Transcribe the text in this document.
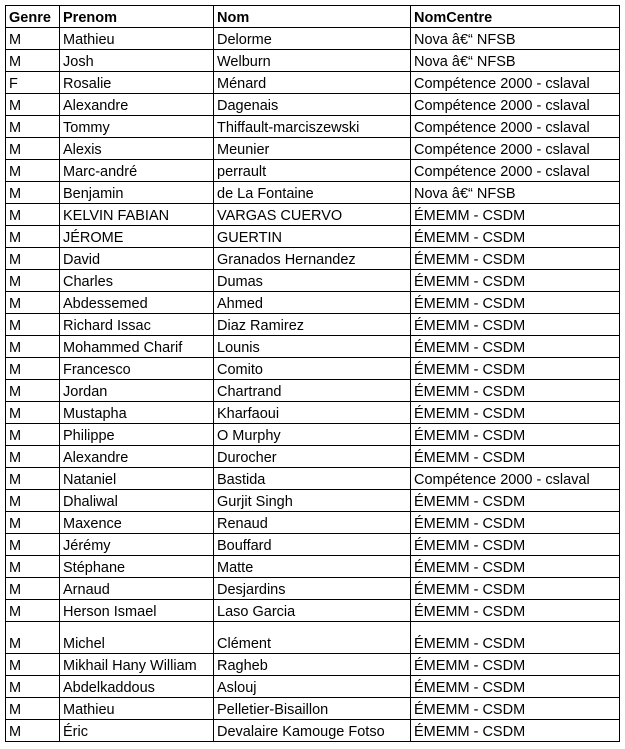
Genre	Prenom	Nom	NomCentre
M	Mathieu	Delorme	Nova â€“ NFSB
M	Josh	Welburn	Nova â€“ NFSB
F	Rosalie	Ménard	Compétence 2000 - cslaval
M	Alexandre	Dagenais	Compétence 2000 - cslaval
M	Tommy	Thiffault-marciszewski	Compétence 2000 - cslaval
M	Alexis	Meunier	Compétence 2000 - cslaval
M	Marc-andré	perrault	Compétence 2000 - cslaval
M	Benjamin	de La Fontaine	Nova â€“ NFSB
M	KELVIN FABIAN	VARGAS CUERVO	ÉMEMM - CSDM
M	JÉROME	GUERTIN	ÉMEMM - CSDM
M	David	Granados Hernandez	ÉMEMM - CSDM
M	Charles	Dumas	ÉMEMM - CSDM
M	Abdessemed	Ahmed	ÉMEMM - CSDM
M	Richard Issac	Diaz Ramirez	ÉMEMM - CSDM
M	Mohammed Charif	Lounis	ÉMEMM - CSDM
M	Francesco	Comito	ÉMEMM - CSDM
M	Jordan	Chartrand	ÉMEMM - CSDM
M	Mustapha	Kharfaoui	ÉMEMM - CSDM
M	Philippe	O Murphy	ÉMEMM - CSDM
M	Alexandre	Durocher	ÉMEMM - CSDM
M	Nataniel	Bastida	Compétence 2000 - cslaval
M	Dhaliwal	Gurjit Singh	ÉMEMM - CSDM
M	Maxence	Renaud	ÉMEMM - CSDM
M	Jérémy	Bouffard	ÉMEMM - CSDM
M	Stéphane	Matte	ÉMEMM - CSDM
M	Arnaud	Desjardins	ÉMEMM - CSDM
M	Herson Ismael	Laso Garcia	ÉMEMM - CSDM
M	Michel	Clément	ÉMEMM - CSDM
M	Mikhail Hany William	Ragheb	ÉMEMM - CSDM
M	Abdelkaddous	Aslouj	ÉMEMM - CSDM
M	Mathieu	Pelletier-Bisaillon	ÉMEMM - CSDM
M	Éric	Devalaire Kamouge Fotso	ÉMEMM - CSDM
